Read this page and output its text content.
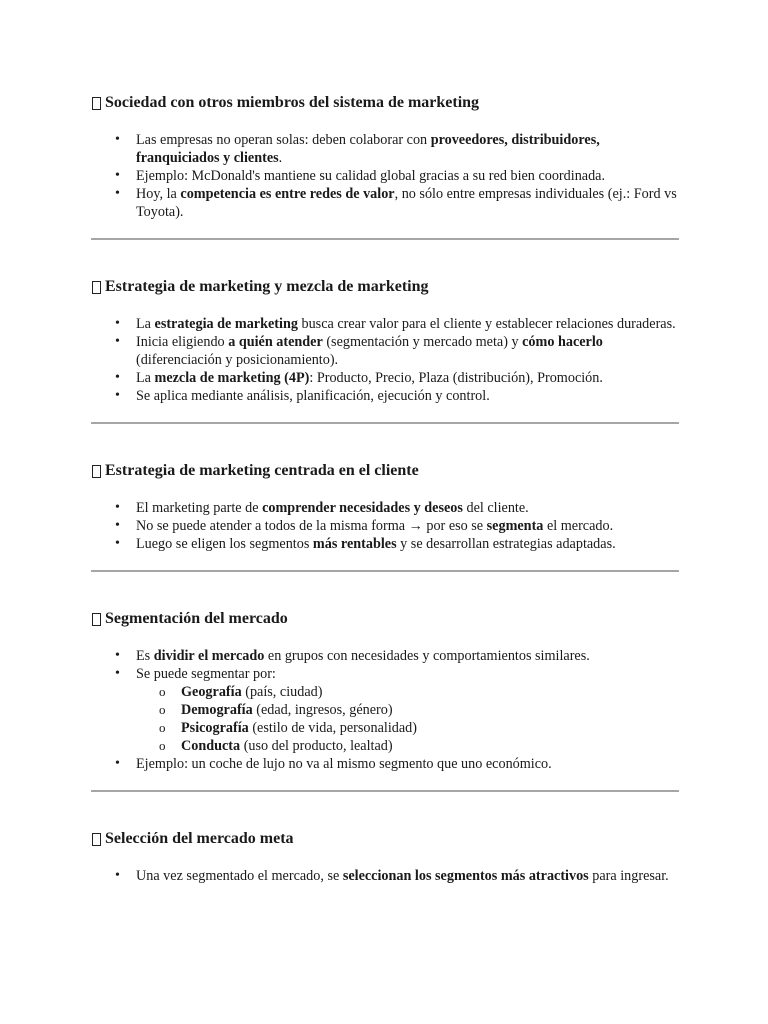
Sociedad con otros miembros del sistema de marketing
• Las empresas no operan solas: deben colaborar con proveedores, distribuidores, franquiciados y clientes.
• Ejemplo: McDonald's mantiene su calidad global gracias a su red bien coordinada.
• Hoy, la competencia es entre redes de valor, no sólo entre empresas individuales (ej.: Ford vs Toyota).
Estrategia de marketing y mezcla de marketing
• La estrategia de marketing busca crear valor para el cliente y establecer relaciones duraderas.
• Inicia eligiendo a quién atender (segmentación y mercado meta) y cómo hacerlo (diferenciación y posicionamiento).
• La mezcla de marketing (4P): Producto, Precio, Plaza (distribución), Promoción.
• Se aplica mediante análisis, planificación, ejecución y control.
Estrategia de marketing centrada en el cliente
• El marketing parte de comprender necesidades y deseos del cliente.
• No se puede atender a todos de la misma forma → por eso se segmenta el mercado.
• Luego se eligen los segmentos más rentables y se desarrollan estrategias adaptadas.
Segmentación del mercado
• Es dividir el mercado en grupos con necesidades y comportamientos similares.
• Se puede segmentar por:
o Geografía (país, ciudad)
o Demografía (edad, ingresos, género)
o Psicografía (estilo de vida, personalidad)
o Conducta (uso del producto, lealtad)
• Ejemplo: un coche de lujo no va al mismo segmento que uno económico.
Selección del mercado meta
• Una vez segmentado el mercado, se seleccionan los segmentos más atractivos para ingresar.
